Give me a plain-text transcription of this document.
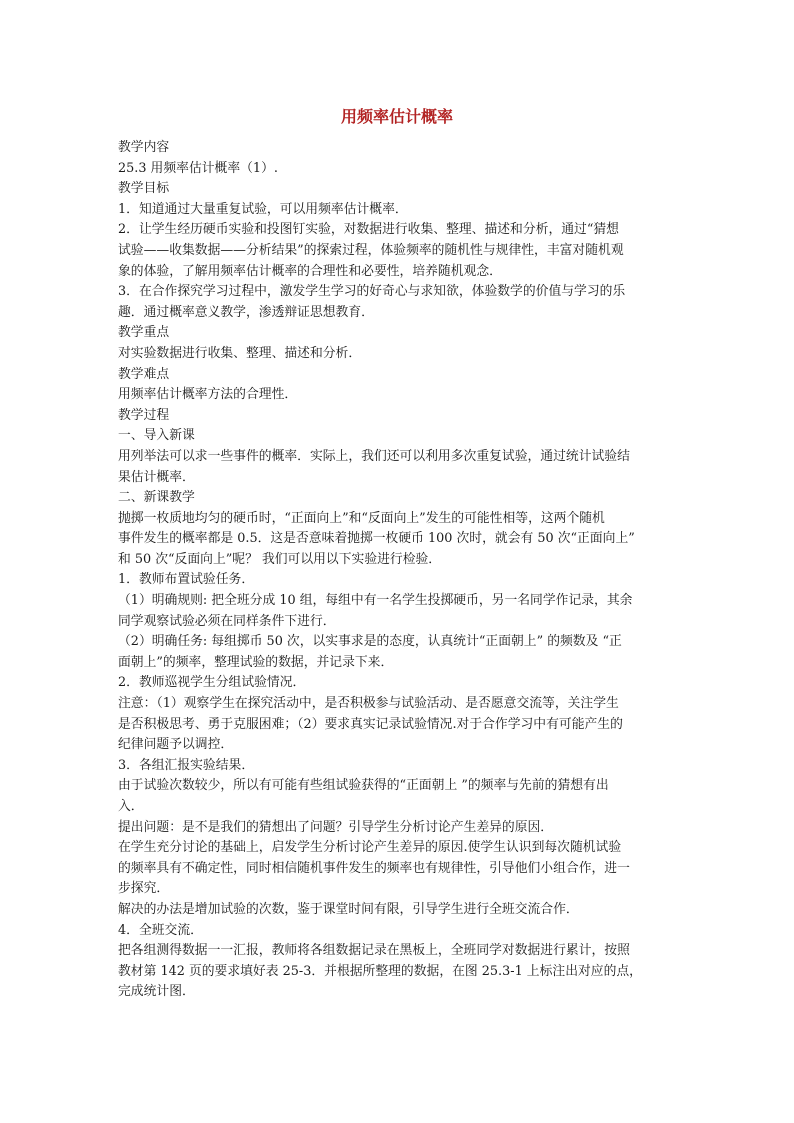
用频率估计概率

教学内容

25.3 用频率估计概率（1）.

教学目标

1．知道通过大量重复试验，可以用频率估计概率．

2．让学生经历硬币实验和投图钉实验，对数据进行收集、整理、描述和分析，通过“猜想

试验——收集数据——分析结果”的探索过程，体验频率的随机性与规律性，丰富对随机观

象的体验，了解用频率估计概率的合理性和必要性，培养随机观念．

3．在合作探究学习过程中，激发学生学习的好奇心与求知欲，体验数学的价值与学习的乐

趣．通过概率意义教学，渗透辩证思想教育．

教学重点

对实验数据进行收集、整理、描述和分析．

教学难点

用频率估计概率方法的合理性．

教学过程

一、导入新课

用列举法可以求一些事件的概率．实际上，我们还可以利用多次重复试验，通过统计试验结

果估计概率．

二、新课教学

抛掷一枚质地均匀的硬币时，“正面向上”和“反面向上”发生的可能性相等，这两个随机

事件发生的概率都是 0.5．这是否意味着抛掷一枚硬币 100 次时，就会有 50 次“正面向上”

和 50 次“反面向上”呢？ 我们可以用以下实验进行检验．

1．教师布置试验任务．

（1）明确规则: 把全班分成 10 组，每组中有一名学生投掷硬币，另一名同学作记录，其余

同学观察试验必须在同样条件下进行．

（2）明确任务: 每组掷币 50 次，以实事求是的态度，认真统计“正面朝上” 的频数及 “正

面朝上”的频率，整理试验的数据，并记录下来．

2．教师巡视学生分组试验情况．

注意：（1）观察学生在探究活动中，是否积极参与试验活动、是否愿意交流等，关注学生

是否积极思考、勇于克服困难；（2）要求真实记录试验情况.对于合作学习中有可能产生的

纪律问题予以调控．

3．各组汇报实验结果．

由于试验次数较少，所以有可能有些组试验获得的“正面朝上 ”的频率与先前的猜想有出

入．

提出问题：是不是我们的猜想出了问题？引导学生分析讨论产生差异的原因．

在学生充分讨论的基础上，启发学生分析讨论产生差异的原因.使学生认识到每次随机试验

的频率具有不确定性，同时相信随机事件发生的频率也有规律性，引导他们小组合作，进一

步探究．

解决的办法是增加试验的次数，鉴于课堂时间有限，引导学生进行全班交流合作．

4．全班交流．

把各组测得数据一一汇报，教师将各组数据记录在黑板上，全班同学对数据进行累计，按照

教材第 142 页的要求填好表 25-3．并根据所整理的数据，在图 25.3-1 上标注出对应的点，

完成统计图．
